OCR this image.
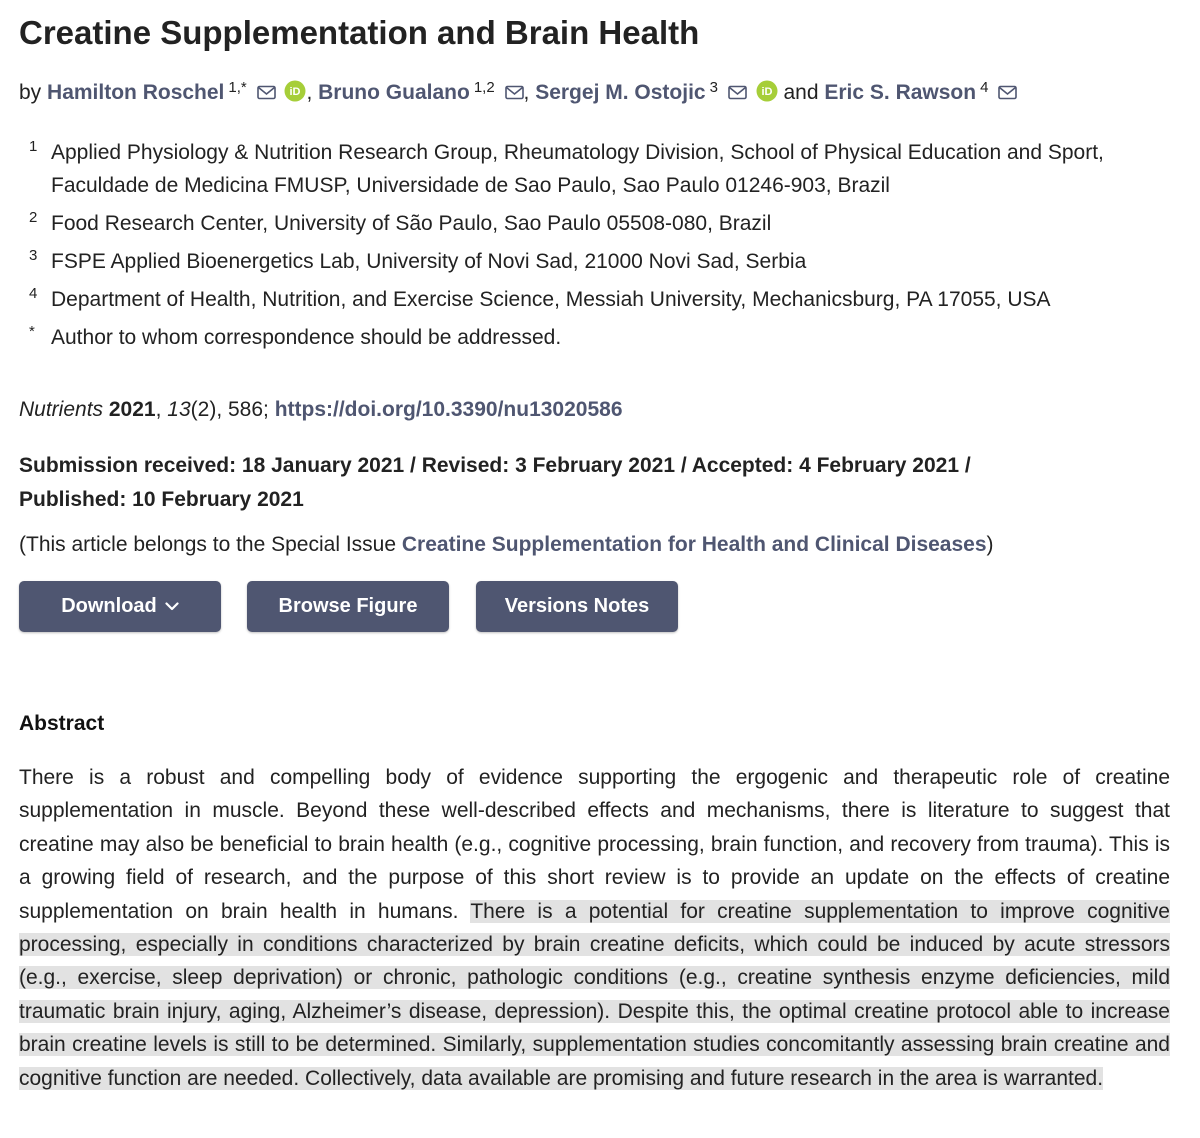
Creatine Supplementation and Brain Health
by Hamilton Roschel $^{1,*}$	iD , Bruno Gualano $^{1,2}$ , Sergej M. Ostojic $^3$	iD and Eric S. Rawson $^4$
1 Applied Physiology & Nutrition Research Group, Rheumatology Division, School of Physical Education and Sport, Faculdade de Medicina FMUSP, Universidade de Sao Paulo, Sao Paulo 01246-903, Brazil
2 Food Research Center, University of São Paulo, Sao Paulo 05508-080, Brazil
3 FSPE Applied Bioenergetics Lab, University of Novi Sad, 21000 Novi Sad, Serbia
4 Department of Health, Nutrition, and Exercise Science, Messiah University, Mechanicsburg, PA 17055, USA
* Author to whom correspondence should be addressed.
Nutrients 2021, 13(2), 586; https://doi.org/10.3390/nu13020586
Submission received: 18 January 2021 / Revised: 3 February 2021 / Accepted: 4 February 2021 /
Published: 10 February 2021
(This article belongs to the Special Issue Creatine Supplementation for Health and Clinical Diseases)
Download	Browse Figure	Versions Notes
Abstract

There is a robust and compelling body of evidence supporting the ergogenic and therapeutic role of creatine supplementation in muscle. Beyond these well-described effects and mechanisms, there is literature to suggest that creatine may also be beneficial to brain health (e.g., cognitive processing, brain function, and recovery from trauma). This is a growing field of research, and the purpose of this short review is to provide an update on the effects of creatine supplementation on brain health in humans. There is a potential for creatine supplementation to improve cognitive processing, especially in conditions characterized by brain creatine deficits, which could be induced by acute stressors (e.g., exercise, sleep deprivation) or chronic, pathologic conditions (e.g., creatine synthesis enzyme deficiencies, mild traumatic brain injury, aging, Alzheimer’s disease, depression). Despite this, the optimal creatine protocol able to increase brain creatine levels is still to be determined. Similarly, supplementation studies concomitantly assessing brain creatine and cognitive function are needed. Collectively, data available are promising and future research in the area is warranted.
